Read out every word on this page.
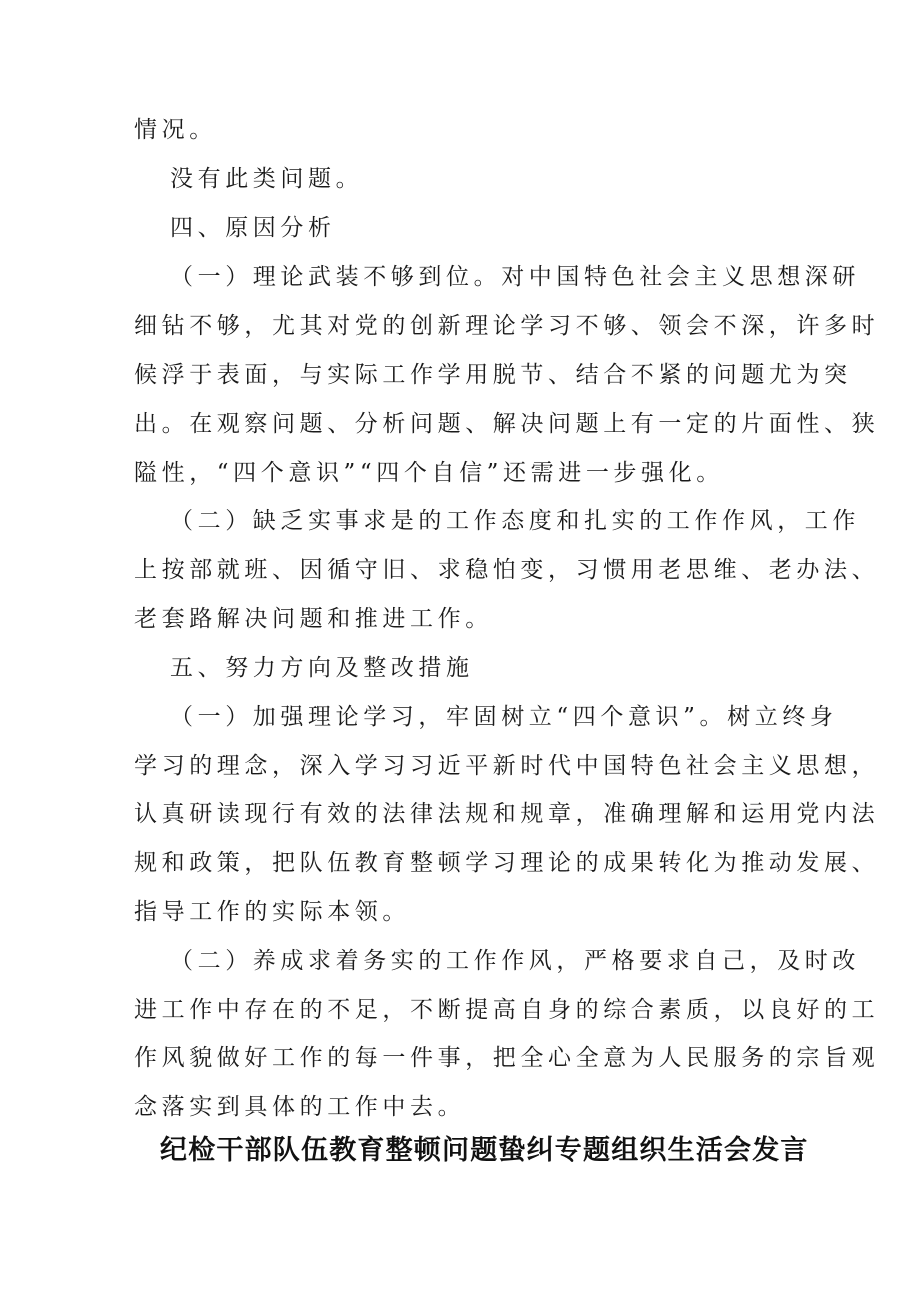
情况。
没有此类问题。
四、原因分析
（一）理论武装不够到位。对中国特色社会主义思想深研
细钻不够，尤其对党的创新理论学习不够、领会不深，许多时
候浮于表面，与实际工作学用脱节、结合不紧的问题尤为突
出。在观察问题、分析问题、解决问题上有一定的片面性、狭
隘性，“四个意识”“四个自信”还需进一步强化。
（二）缺乏实事求是的工作态度和扎实的工作作风，工作
上按部就班、因循守旧、求稳怕变，习惯用老思维、老办法、
老套路解决问题和推进工作。
五、努力方向及整改措施
（一）加强理论学习，牢固树立“四个意识”。树立终身
学习的理念，深入学习习近平新时代中国特色社会主义思想，
认真研读现行有效的法律法规和规章，准确理解和运用党内法
规和政策，把队伍教育整顿学习理论的成果转化为推动发展、
指导工作的实际本领。
（二）养成求着务实的工作作风，严格要求自己，及时改
进工作中存在的不足，不断提高自身的综合素质，以良好的工
作风貌做好工作的每一件事，把全心全意为人民服务的宗旨观
念落实到具体的工作中去。
纪检干部队伍教育整顿问题蛰纠专题组织生活会发言
